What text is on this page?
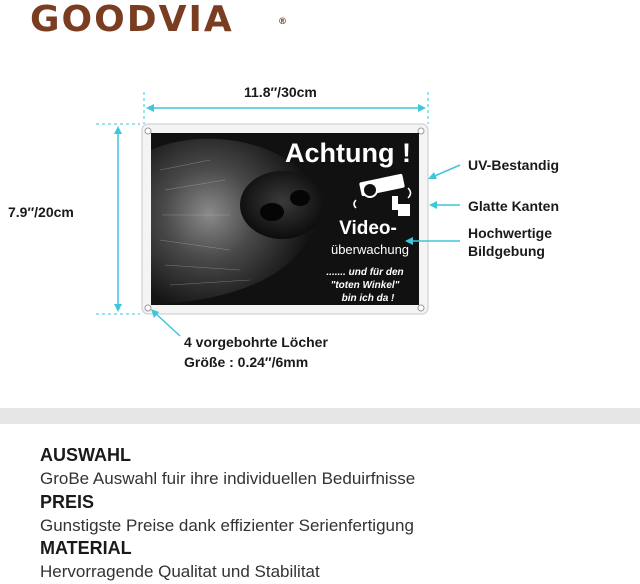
GOODVIA	®
Achtung !
Video-
überwachung
....... und für den
"toten Winkel"
bin ich da !
11.8″/30cm
7.9″/20cm
UV-Bestandig
Glatte Kanten
Hochwertige
Bildgebung
4 vorgebohrte Löcher
Größe : 0.24″/6mm
AUSWAHL
GroBe Auswahl fuir ihre individuellen Beduirfnisse
PREIS
Gunstigste Preise dank effizienter Serienfertigung
MATERIAL
Hervorragende Qualitat und Stabilitat
